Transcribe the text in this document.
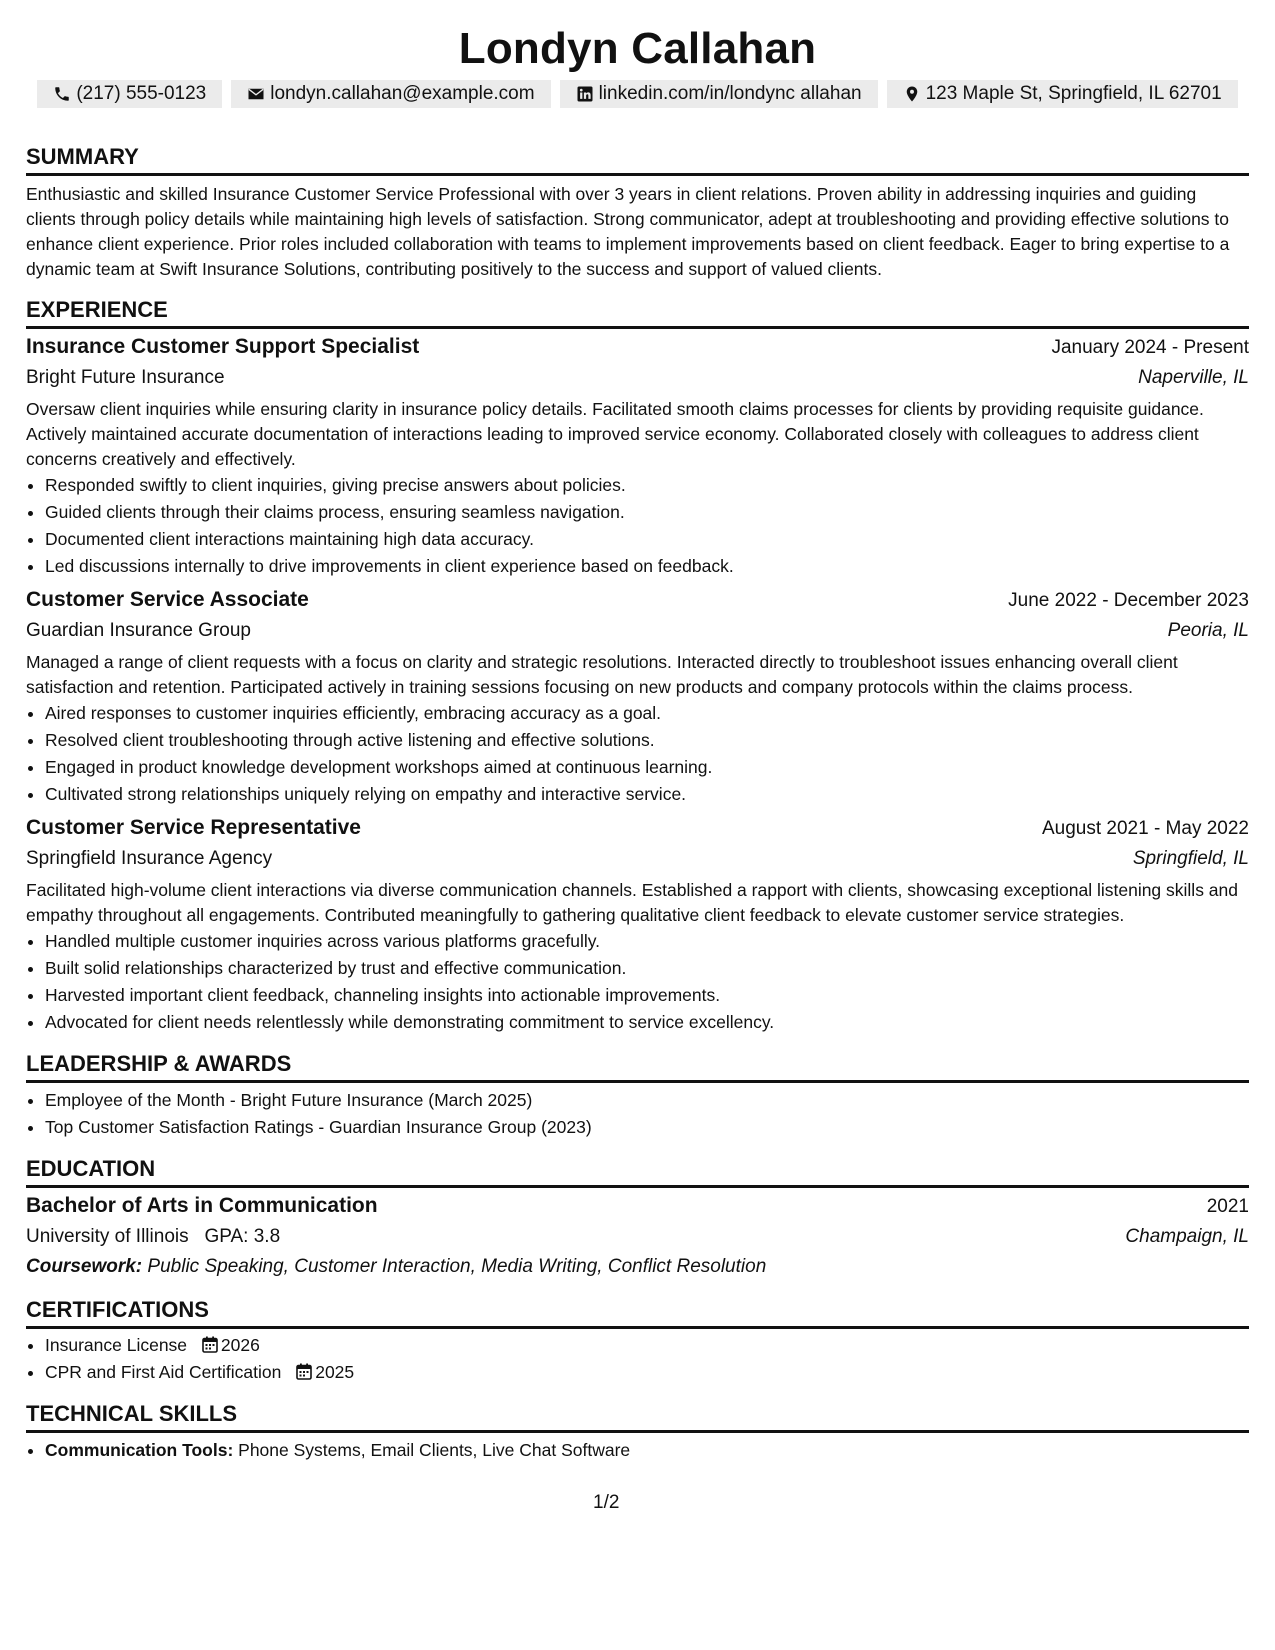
Londyn Callahan
(217) 555-0123	londyn.callahan@example.com	linkedin.com/in/londync allahan	123 Maple St, Springfield, IL 62701
SUMMARY

Enthusiastic and skilled Insurance Customer Service Professional with over 3 years in client relations. Proven ability in addressing inquiries and guiding clients through policy details while maintaining high levels of satisfaction. Strong communicator, adept at troubleshooting and providing effective solutions to enhance client experience. Prior roles included collaboration with teams to implement improvements based on client feedback. Eager to bring expertise to a dynamic team at Swift Insurance Solutions, contributing positively to the success and support of valued clients.

EXPERIENCE
Insurance Customer Support Specialist	January 2024 - Present
Bright Future Insurance	Naperville, IL

Oversaw client inquiries while ensuring clarity in insurance policy details. Facilitated smooth claims processes for clients by providing requisite guidance. Actively maintained accurate documentation of interactions leading to improved service economy. Collaborated closely with colleagues to address client concerns creatively and effectively.

• Responded swiftly to client inquiries, giving precise answers about policies.
• Guided clients through their claims process, ensuring seamless navigation.
• Documented client interactions maintaining high data accuracy.
• Led discussions internally to drive improvements in client experience based on feedback.
Customer Service Associate	June 2022 - December 2023
Guardian Insurance Group	Peoria, IL

Managed a range of client requests with a focus on clarity and strategic resolutions. Interacted directly to troubleshoot issues enhancing overall client satisfaction and retention. Participated actively in training sessions focusing on new products and company protocols within the claims process.

• Aired responses to customer inquiries efficiently, embracing accuracy as a goal.
• Resolved client troubleshooting through active listening and effective solutions.
• Engaged in product knowledge development workshops aimed at continuous learning.
• Cultivated strong relationships uniquely relying on empathy and interactive service.
Customer Service Representative	August 2021 - May 2022
Springfield Insurance Agency	Springfield, IL

Facilitated high-volume client interactions via diverse communication channels. Established a rapport with clients, showcasing exceptional listening skills and empathy throughout all engagements. Contributed meaningfully to gathering qualitative client feedback to elevate customer service strategies.

• Handled multiple customer inquiries across various platforms gracefully.
• Built solid relationships characterized by trust and effective communication.
• Harvested important client feedback, channeling insights into actionable improvements.
• Advocated for client needs relentlessly while demonstrating commitment to service excellency.
LEADERSHIP & AWARDS
• Employee of the Month - Bright Future Insurance (March 2025)
• Top Customer Satisfaction Ratings - Guardian Insurance Group (2023)
EDUCATION
Bachelor of Arts in Communication	2021
University of Illinois GPA: 3.8	Champaign, IL
Coursework: Public Speaking, Customer Interaction, Media Writing, Conflict Resolution
CERTIFICATIONS
• Insurance License 2026
• CPR and First Aid Certification 2025
TECHNICAL SKILLS
• Communication Tools: Phone Systems, Email Clients, Live Chat Software
1/2
